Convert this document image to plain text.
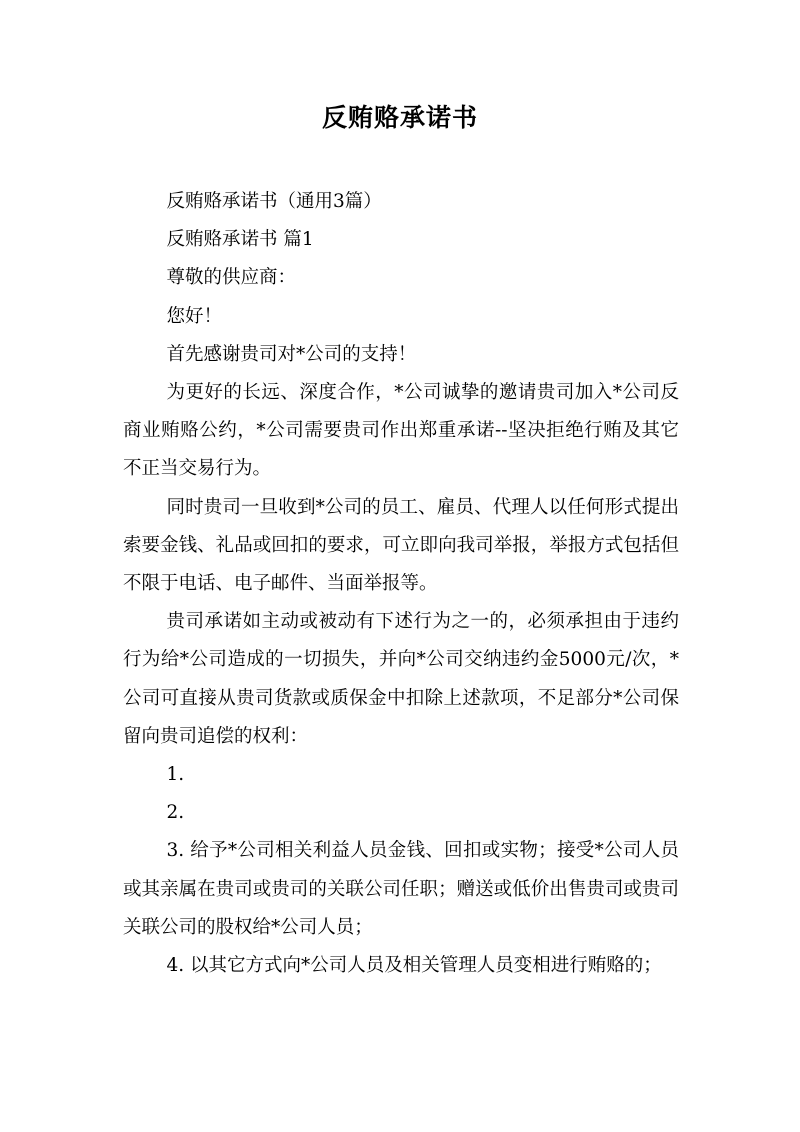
反贿赂承诺书

反贿赂承诺书（通用3篇）

反贿赂承诺书 篇1

尊敬的供应商：

您好！

首先感谢贵司对*公司的支持！

为更好的长远、深度合作，*公司诚挚的邀请贵司加入*公司反商业贿赂公约，*公司需要贵司作出郑重承诺--坚决拒绝行贿及其它不正当交易行为。

同时贵司一旦收到*公司的员工、雇员、代理人以任何形式提出索要金钱、礼品或回扣的要求，可立即向我司举报，举报方式包括但不限于电话、电子邮件、当面举报等。

贵司承诺如主动或被动有下述行为之一的，必须承担由于违约行为给*公司造成的一切损失，并向*公司交纳违约金5000元/次，*公司可直接从贵司货款或质保金中扣除上述款项，不足部分*公司保留向贵司追偿的权利：

1.

2.

3. 给予*公司相关利益人员金钱、回扣或实物；接受*公司人员或其亲属在贵司或贵司的关联公司任职；赠送或低价出售贵司或贵司关联公司的股权给*公司人员；

4. 以其它方式向*公司人员及相关管理人员变相进行贿赂的；
